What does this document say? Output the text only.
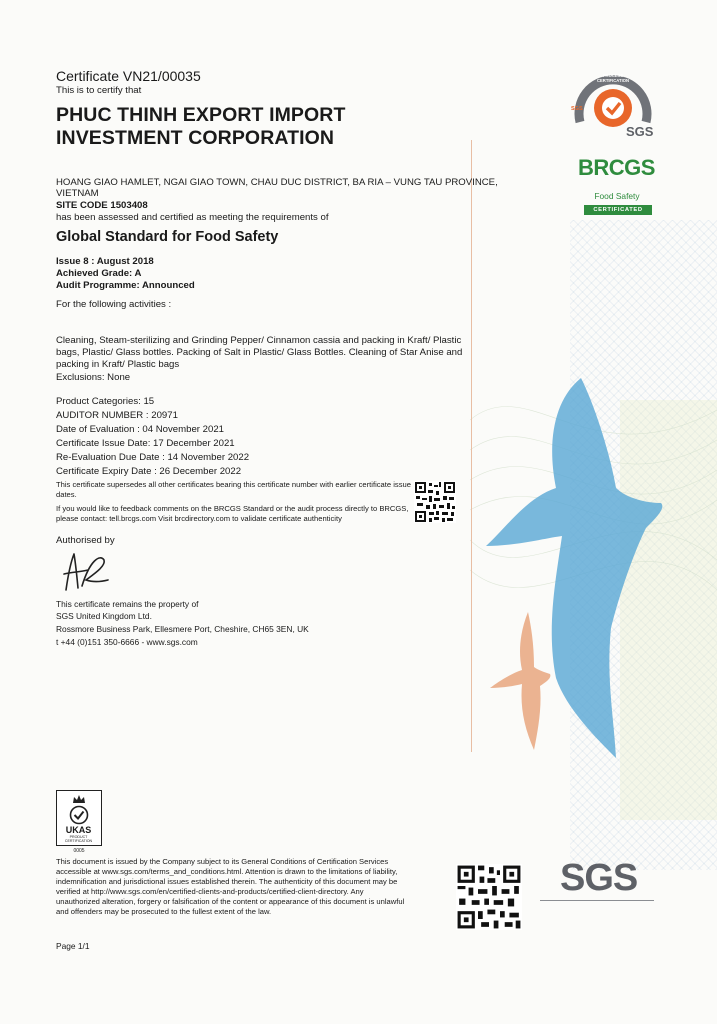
Certificate VN21/00035
This is to certify that
PHUC THINH EXPORT IMPORT
INVESTMENT CORPORATION
HOANG GIAO HAMLET, NGAI GIAO TOWN, CHAU DUC DISTRICT, BA RIA – VUNG TAU PROVINCE,
VIETNAM
SITE CODE 1503408
has been assessed and certified as meeting the requirements of
Global Standard for Food Safety
Issue 8 : August 2018
Achieved Grade: A
Audit Programme: Announced
For the following activities :
Cleaning, Steam-sterilizing and Grinding Pepper/ Cinnamon cassia and packing in Kraft/ Plastic
bags, Plastic/ Glass bottles. Packing of Salt in Plastic/ Glass Bottles. Cleaning of Star Anise and
packing in Kraft/ Plastic bags
Exclusions: None
Product Categories: 15
AUDITOR NUMBER : 20971
Date of Evaluation : 04 November 2021
Certificate Issue Date: 17 December 2021
Re-Evaluation Due Date : 14 November 2022
Certificate Expiry Date : 26 December 2022
This certificate supersedes all other certificates bearing this certificate number with earlier certificate issue
dates.
If you would like to feedback comments on the BRCGS Standard or the audit process directly to BRCGS,
please contact: tell.brcgs.com Visit brcdirectory.com to validate certificate authenticity
Authorised by
This certificate remains the property of
SGS United Kingdom Ltd.
Rossmore Business Park, Ellesmere Port, Cheshire, CH65 3EN, UK
t +44 (0)151 350-6666 - www.sgs.com
UKAS
PRODUCT
CERTIFICATION
0005
This document is issued by the Company subject to its General Conditions of Certification Services
accessible at www.sgs.com/terms_and_conditions.html. Attention is drawn to the limitations of liability,
indemnification and jurisdictional issues established therein. The authenticity of this document may be
verified at http://www.sgs.com/en/certified-clients-and-products/certified-client-directory. Any
unauthorized alteration, forgery or falsification of the content or appearance of this document is unlawful
and offenders may be prosecuted to the fullest extent of the law.
Page 1/1
PROCESS CERTIFICATION
SGS
SGS
BRCGS
Food Safety
CERTIFICATED
SGS
